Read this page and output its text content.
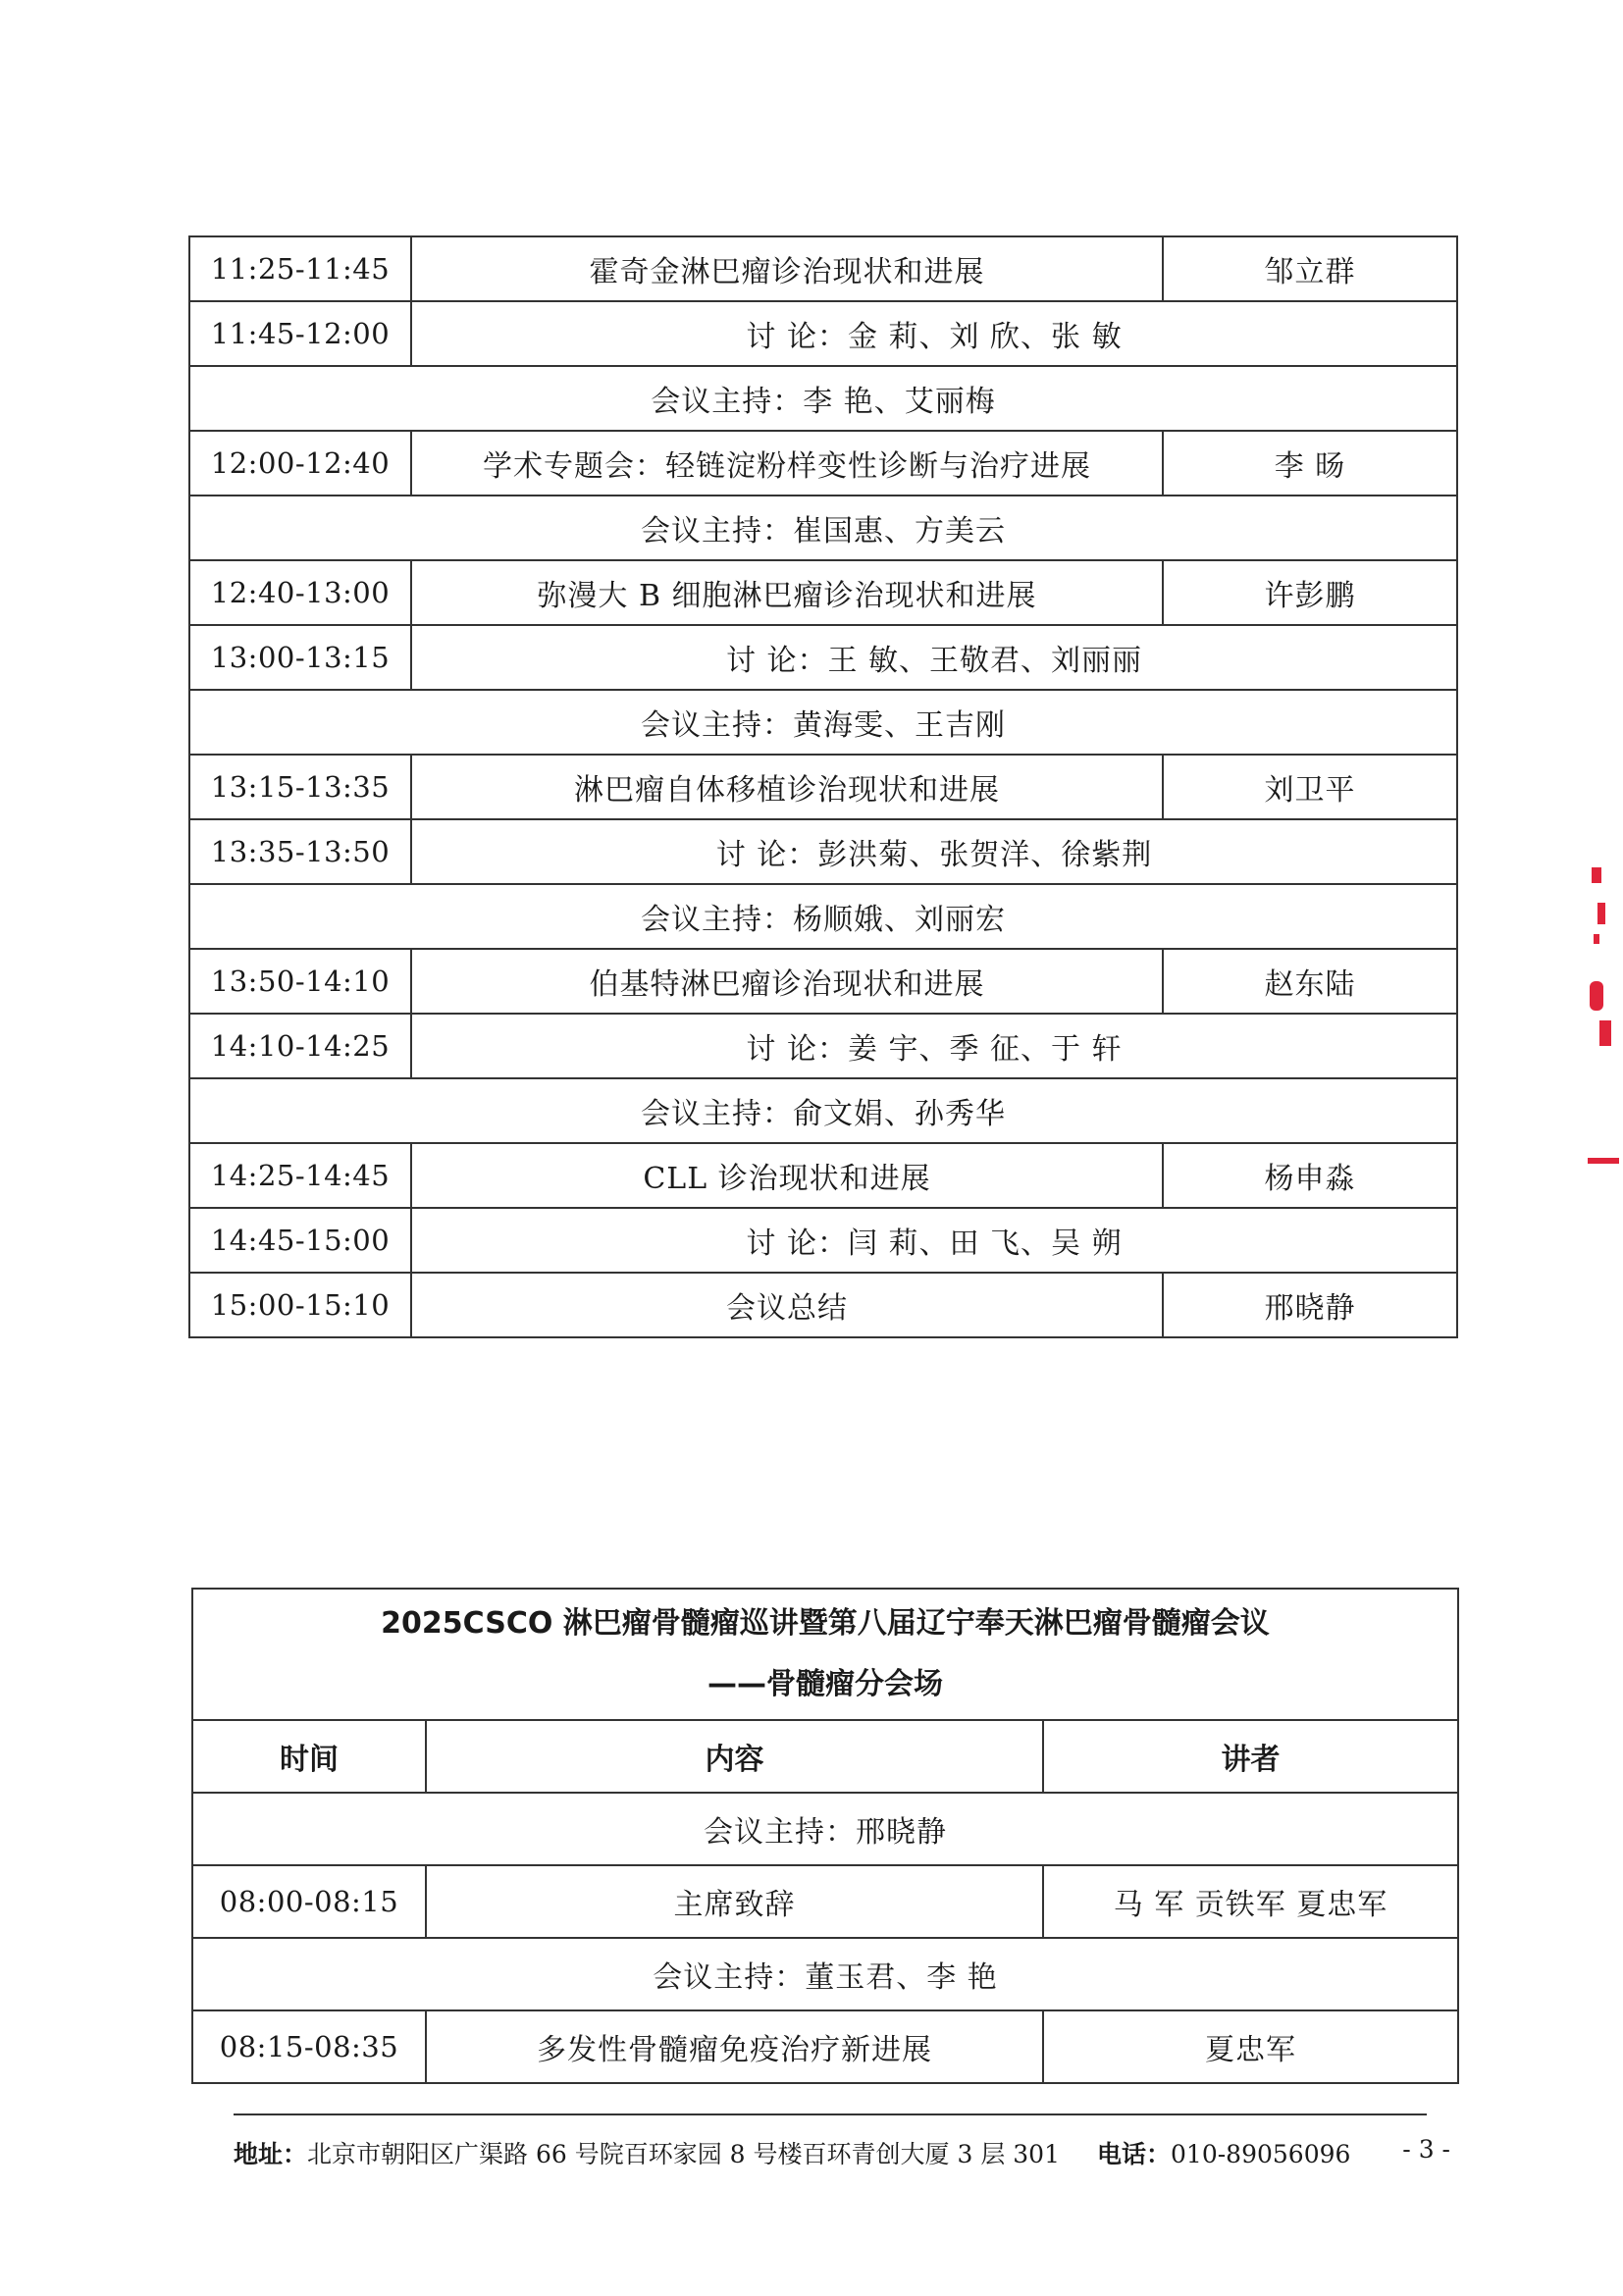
11:25-11:45	霍奇金淋巴瘤诊治现状和进展	邹立群
11:45-12:00	讨 论：金 莉、刘 欣、张 敏	
会议主持：李 艳、艾丽梅		
12:00-12:40	学术专题会：轻链淀粉样变性诊断与治疗进展	李 旸
会议主持：崔国惠、方美云		
12:40-13:00	弥漫大 B 细胞淋巴瘤诊治现状和进展	许彭鹏
13:00-13:15	讨 论：王 敏、王敬君、刘丽丽	
会议主持：黄海雯、王吉刚		
13:15-13:35	淋巴瘤自体移植诊治现状和进展	刘卫平
13:35-13:50	讨 论：彭洪菊、张贺洋、徐紫荆	
会议主持：杨顺娥、刘丽宏		
13:50-14:10	伯基特淋巴瘤诊治现状和进展	赵东陆
14:10-14:25	讨 论：姜 宇、季 征、于 轩	
会议主持：俞文娟、孙秀华		
14:25-14:45	CLL 诊治现状和进展	杨申淼
14:45-15:00	讨 论：闫 莉、田 飞、吴 朔	
15:00-15:10	会议总结	邢晓静
2025CSCO 淋巴瘤骨髓瘤巡讲暨第八届辽宁奉天淋巴瘤骨髓瘤会议
——骨髓瘤分会场		

时间	内容	讲者
会议主持：邢晓静		
08:00-08:15	主席致辞	马 军 贡铁军 夏忠军
会议主持：董玉君、李 艳		
08:15-08:35	多发性骨髓瘤免疫治疗新进展	夏忠军
地址：北京市朝阳区广渠路 66 号院百环家园 8 号楼百环青创大厦 3 层 301 电话：010-89056096 - 3 -
